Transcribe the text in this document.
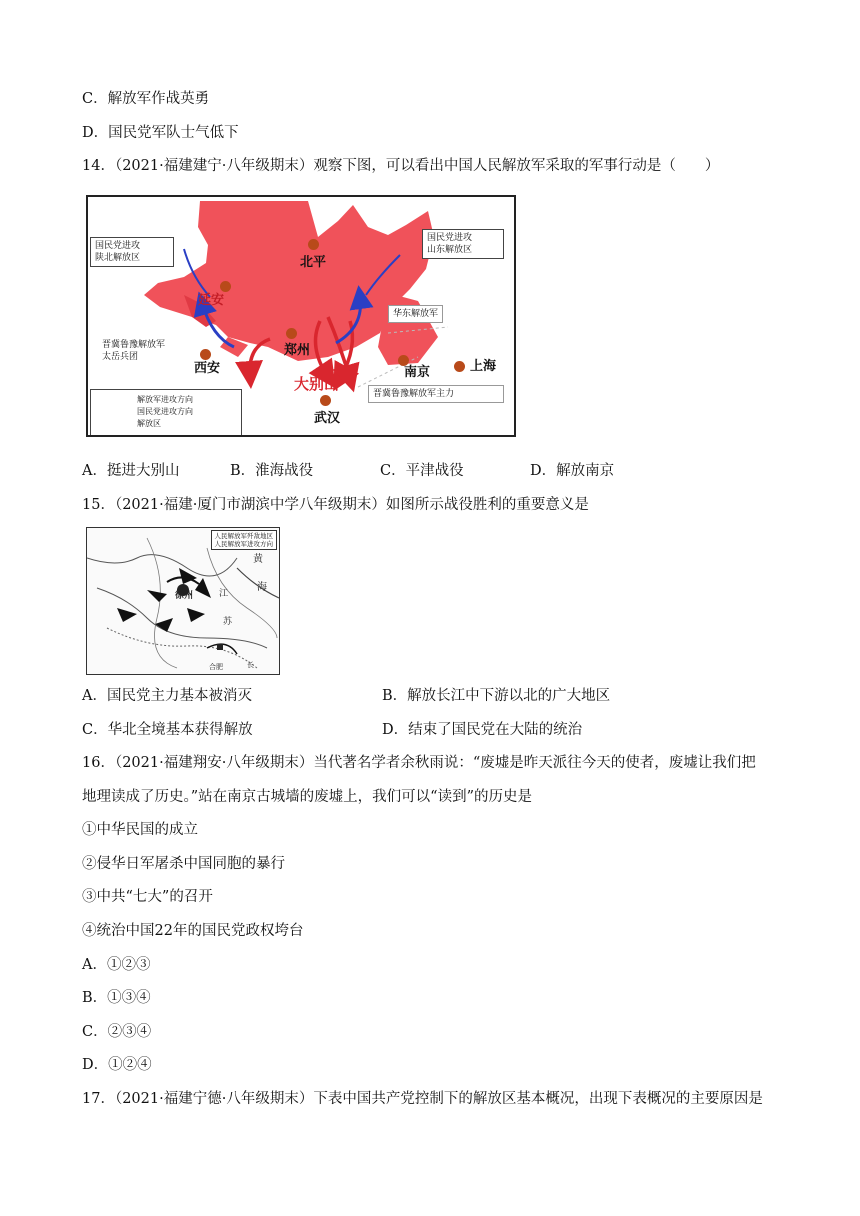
C．解放军作战英勇
D．国民党军队士气低下
14．（2021·福建建宁·八年级期末）观察下图，可以看出中国人民解放军采取的军事行动是（　　）
国民党进攻
陕北解放区
国民党进攻
山东解放区
晋冀鲁豫解放军
太岳兵团
华东解放军
晋冀鲁豫解放军主力
北平
延安
郑州
西安	南京	上海
大别山
武汉
解放军进攻方向
国民党进攻方向
解放区
A．挺进大别山	B．淮海战役	C．平津战役	D．解放南京
15．（2021·福建·厦门市湖滨中学八年级期末）如图所示战役胜利的重要意义是
人民解放军歼敌地区
人民解放军进攻方向
徐州
黄
海
江
苏
合肥	长
A．国民党主力基本被消灭	B．解放长江中下游以北的广大地区
C．华北全境基本获得解放	D．结束了国民党在大陆的统治
16．（2021·福建翔安·八年级期末）当代著名学者余秋雨说：“废墟是昨天派往今天的使者，废墟让我们把
地理读成了历史。”站在南京古城墙的废墟上，我们可以“读到”的历史是
①中华民国的成立
②侵华日军屠杀中国同胞的暴行
③中共“七大”的召开
④统治中国22年的国民党政权垮台
A．①②③
B．①③④
C．②③④
D．①②④
17．（2021·福建宁德·八年级期末）下表中国共产党控制下的解放区基本概况，出现下表概况的主要原因是
